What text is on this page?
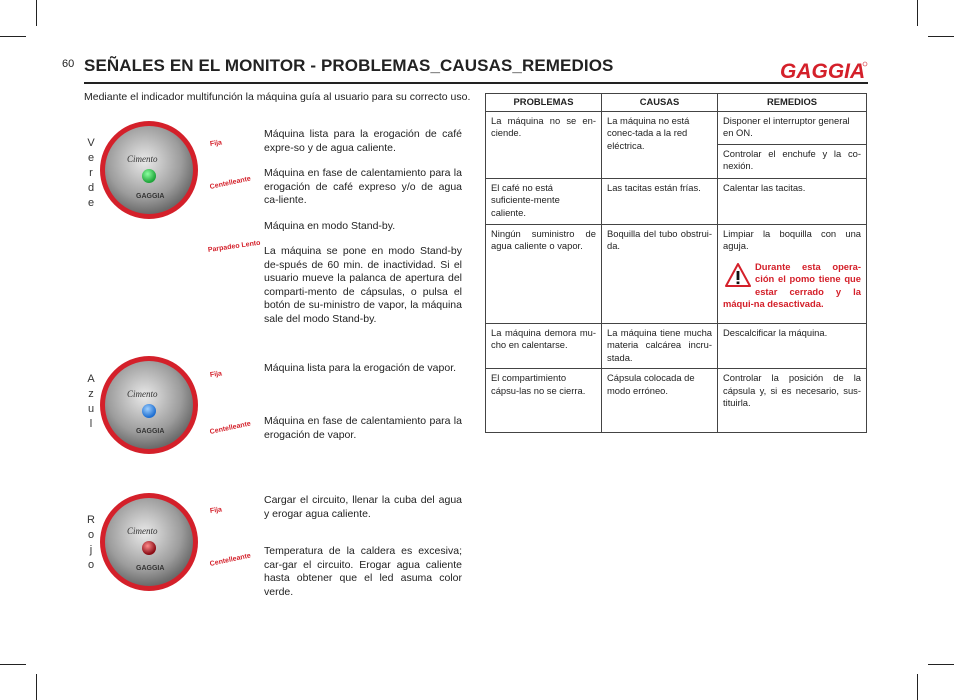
60 SEÑALES EN EL MONITOR - PROBLEMAS_CAUSAS_REMEDIOS	GAGGIA
Mediante el indicador multifunción la máquina guía al usuario para su correcto uso.
Cimento
GAGGIA
V
e
r
d
e
Fija
Centelleante
Parpadeo Lento
Máquina lista para la erogación de café expre-so y de agua caliente.
Máquina en fase de calentamiento para la erogación de café expreso y/o de agua ca-liente.
Máquina en modo Stand-by.
La máquina se pone en modo Stand-by de-spués de 60 min. de inactividad. Si el usuario mueve la palanca de apertura del comparti-mento de cápsulas, o pulsa el botón de su-ministro de vapor, la máquina sale del modo Stand-by.
Cimento
GAGGIA
A
z
u
l
Fija
Centelleante
Máquina lista para la erogación de vapor.
Máquina en fase de calentamiento para la erogación de vapor.
Cimento
GAGGIA
R
o
j
o
Fija
Centelleante
Cargar el circuito, llenar la cuba del agua y erogar agua caliente.
Temperatura de la caldera es excesiva; car-gar el circuito. Erogar agua caliente hasta obtener que el led asuma color verde.
PROBLEMAS	CAUSAS	REMEDIOS
La máquina no se en-ciende.	La máquina no está conec-tada a la red eléctrica.	Disponer el interruptor general en ON.
		Controlar el enchufe y la co-nexión.
El café no está suficiente-mente caliente.	Las tacitas están frías.	Calentar las tacitas.
Ningún suministro de agua caliente o vapor.	Boquilla del tubo obstrui-da.	Limpiar la boquilla con una aguja.
Durante esta opera-ción el pomo tiene que estar cerrado y la máqui-na desactivada.

La máquina demora mu-cho en calentarse.	La máquina tiene mucha materia calcárea incru-stada.	Descalcificar la máquina.
El compartimiento cápsu-las no se cierra.	Cápsula colocada de modo erróneo.	Controlar la posición de la cápsula y, si es necesario, sus-tituirla.
